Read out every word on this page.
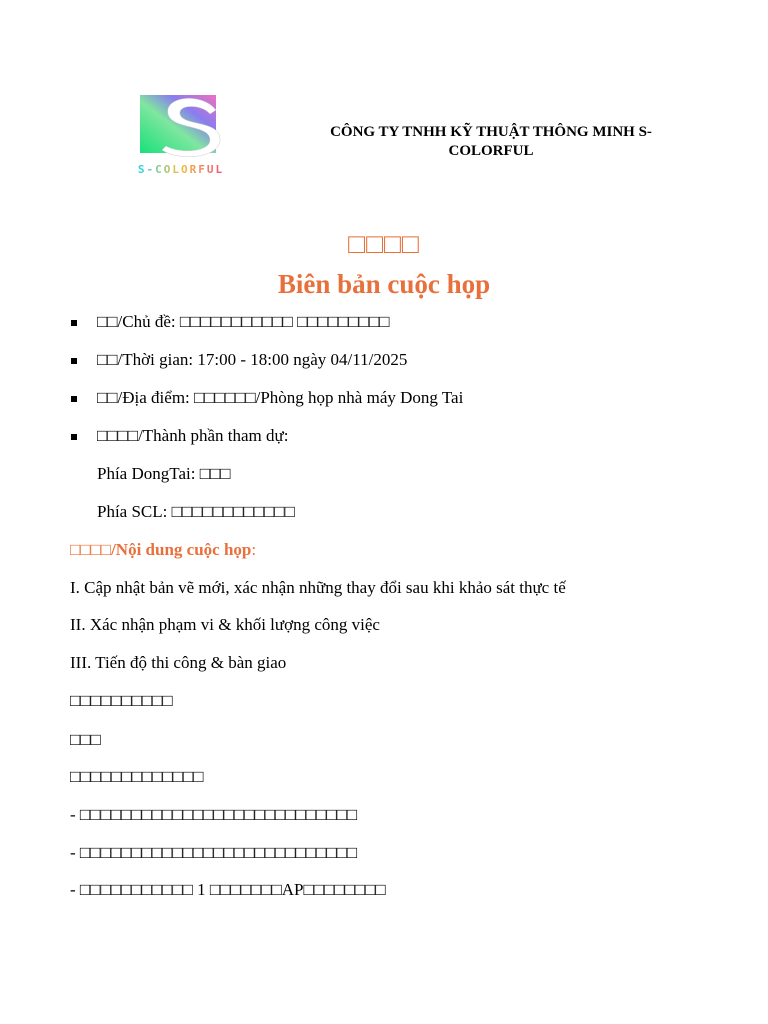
S-COLORFUL
CÔNG TY TNHH KỸ THUẬT THÔNG MINH S-COLORFUL
□□□□
Biên bản cuộc họp
□□/Chủ đề: □□□□□□□□□□□ □□□□□□□□□
□□/Thời gian: 17:00 - 18:00 ngày 04/11/2025
□□/Địa điểm: □□□□□□/Phòng họp nhà máy Dong Tai
□□□□/Thành phần tham dự:
Phía DongTai: □□□
Phía SCL: □□□□□□□□□□□□
□□□□/Nội dung cuộc họp:
I. Cập nhật bản vẽ mới, xác nhận những thay đổi sau khi khảo sát thực tế
II. Xác nhận phạm vi & khối lượng công việc
III. Tiến độ thi công & bàn giao
□□□□□□□□□□
□□□
□□□□□□□□□□□□□
- □□□□□□□□□□□□□□□□□□□□□□□□□□□
- □□□□□□□□□□□□□□□□□□□□□□□□□□□
- □□□□□□□□□□□ 1 □□□□□□□AP□□□□□□□□
